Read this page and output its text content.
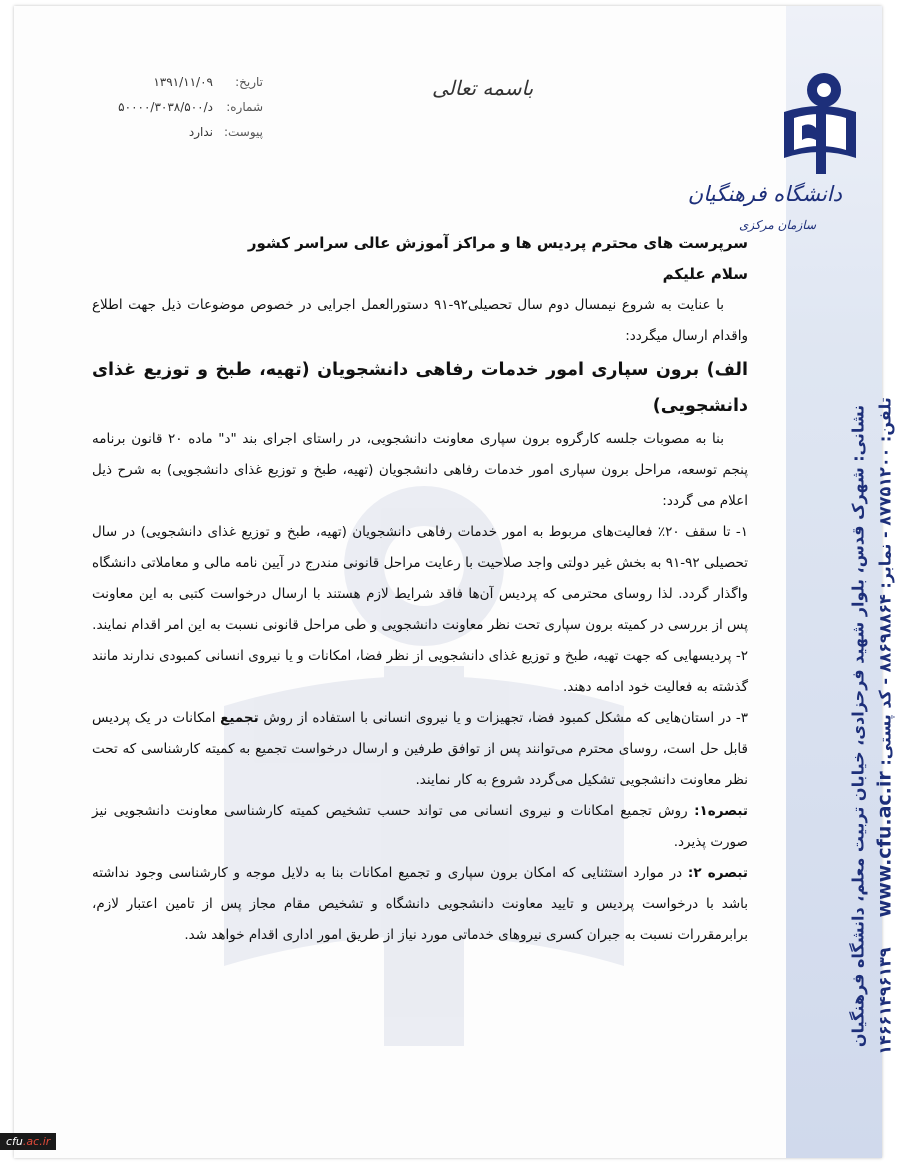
دانشگاه فرهنگیان
سازمان مرکزی
نشانی: شهرک قدس، بلوار شهید فرحزادی، خیابان تربیت معلم، دانشگاه فرهنگیان تلفن: ۸۷۷۵۱۲۰۰ - نمابر: ۸۸۶۹۸۸۶۴ - کد پستی: ۱۴۶۶۱۴۹۶۱۳۹www.cfu.ac.ir
تاریخ:
۱۳۹۱/۱۱/۰۹
شماره:
د/۵۰۰۰۰/۳۰۳۸/۵۰۰
پیوست:
ندارد
باسمه تعالی

سرپرست های محترم پردیس ها و مراکز آموزش عالی سراسر کشور

سلام علیکم

با عنایت به شروع نیمسال دوم سال تحصیلی۹۲-۹۱ دستورالعمل اجرایی در خصوص موضوعات ذیل جهت اطلاع واقدام ارسال میگردد:

الف) برون سپاری امور خدمات رفاهی دانشجویان (تهیه، طبخ و توزیع غذای دانشجویی)

بنا به مصوبات جلسه کارگروه برون سپاری معاونت دانشجویی، در راستای اجرای بند "د" ماده ۲۰ قانون برنامه پنجم توسعه، مراحل برون سپاری امور خدمات رفاهی دانشجویان (تهیه، طبخ و توزیع غذای دانشجویی) به شرح ذیل اعلام می گردد:

۱- تا سقف ۲۰٪ فعالیت‌های مربوط به امور خدمات رفاهی دانشجویان (تهیه، طبخ و توزیع غذای دانشجویی) در سال تحصیلی ۹۲-۹۱ به بخش غیر دولتی واجد صلاحیت با رعایت مراحل قانونی مندرج در آیین نامه مالی و معاملاتی دانشگاه واگذار گردد. لذا روسای محترمی که پردیس آن‌ها فاقد شرایط لازم هستند با ارسال درخواست کتبی به این معاونت پس از بررسی در کمیته برون سپاری تحت نظر معاونت دانشجویی و طی مراحل قانونی نسبت به این امر اقدام نمایند.

۲- پردیسهایی که جهت تهیه، طبخ و توزیع غذای دانشجویی از نظر فضا، امکانات و یا نیروی انسانی کمبودی ندارند مانند گذشته به فعالیت خود ادامه دهند.

۳- در استان‌هایی که مشکل کمبود فضا، تجهیزات و یا نیروی انسانی با استفاده از روش تجمیع امکانات در یک پردیس قابل حل است، روسای محترم می‌توانند پس از توافق طرفین و ارسال درخواست تجمیع به کمیته کارشناسی که تحت نظر معاونت دانشجویی تشکیل می‌گردد شروع به کار نمایند.

تبصره۱: روش تجمیع امکانات و نیروی انسانی می تواند حسب تشخیص کمیته کارشناسی معاونت دانشجویی نیز صورت پذیرد.

تبصره ۲: در موارد استثنایی که امکان برون سپاری و تجمیع امکانات بنا به دلایل موجه و کارشناسی وجود نداشته باشد با درخواست پردیس و تایید معاونت دانشجویی دانشگاه و تشخیص مقام مجاز پس از تامین اعتبار لازم، برابرمقررات نسبت به جبران کسری نیروهای خدماتی مورد نیاز از طریق امور اداری اقدام خواهد شد.

cfu.ac.ir
